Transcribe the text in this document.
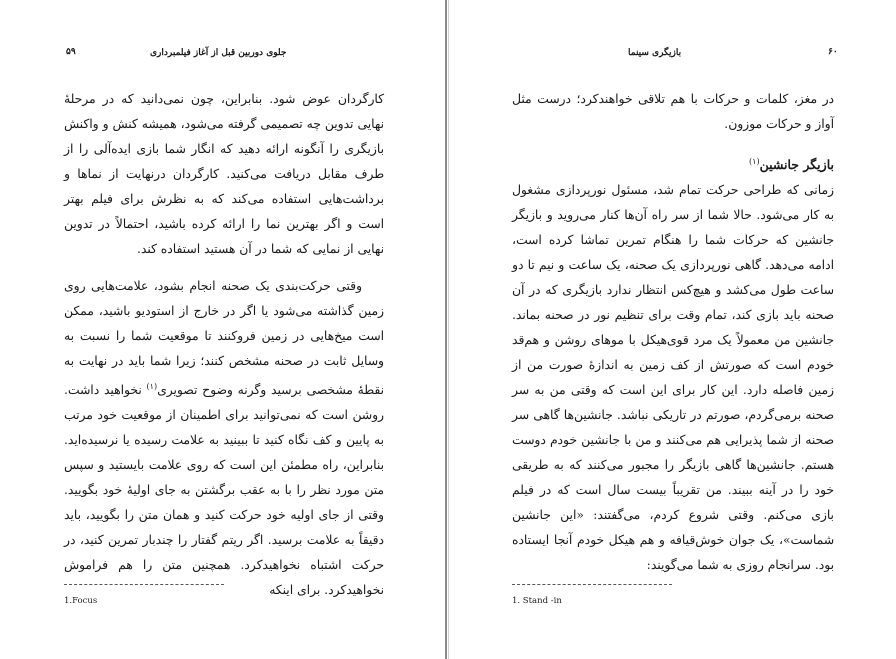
۵۹	جلوی دوربین قبل از آغاز فیلمبرداری

کارگردان عوض شود. بنابراین، چون نمی‌دانید که در مرحلهٔ نهایی تدوین چه تصمیمی گرفته می‌شود، همیشه کنش و واکنش بازیگری را آنگونه ارائه دهید که انگار شما بازی ایده‌آلی را از طرف مقابل دریافت می‌کنید. کارگردان درنهایت از نماها و برداشت‌هایی استفاده می‌کند که به نظرش برای فیلم بهتر است و اگر بهترین نما را ارائه کرده باشید، احتمالاً در تدوین نهایی از نمایی که شما در آن هستید استفاده کند.

وقتی حرکت‌بندی یک صحنه انجام بشود، علامت‌هایی روی زمین گذاشته می‌شود یا اگر در خارج از استودیو باشید، ممکن است میخ‌هایی در زمین فروکنند تا موقعیت شما را نسبت به وسایل ثابت در صحنه مشخص کنند؛ زیرا شما باید در نهایت به نقطهٔ مشخصی برسید وگرنه وضوح تصویری$^{(۱)}$ نخواهید داشت. روشن است که نمی‌توانید برای اطمینان از موقعیت خود مرتب به پایین و کف نگاه کنید تا ببینید به علامت رسیده‌ یا نرسیده‌اید. بنابراین، راه مطمئن این است که روی علامت بایستید و سپس متن مورد نظر را با به عقب برگشتن به جای اولیهٔ خود بگویید. وقتی از جای اولیه خود حرکت کنید و همان متن را بگویید، باید دقیقاً به علامت برسید. اگر ریتم گفتار را چندبار تمرین کنید، در حرکت اشتباه نخواهیدکرد. همچنین متن را هم فراموش نخواهیدکرد. برای اینکه

1.Focus
۶۰
بازیگری سینما

در مغز، کلمات و حرکات با هم تلاقی خواهندکرد؛ درست مثل آواز و حرکات موزون.

بازیگر جانشین$^{(۱)}$

زمانی که طراحی حرکت تمام شد، مسئول نورپردازی مشغول به کار می‌شود. حالا شما از سر راه آن‌ها کنار می‌روید و بازیگر جانشین که حرکات شما را هنگام تمرین تماشا کرده است، ادامه می‌دهد. گاهی نورپردازی یک صحنه، یک ساعت و نیم تا دو ساعت طول می‌کشد و هیچ‌کس انتظار ندارد بازیگری که در آن صحنه باید بازی کند، تمام وقت برای تنظیم نور در صحنه بماند. جانشین من معمولاً یک مرد قوی‌هیکل با موهای روشن و هم‌قد خودم است که صورتش از کف زمین به اندازهٔ صورت من از زمین فاصله دارد. این کار برای این است که وقتی من به سر صحنه برمی‌گردم، صورتم در تاریکی نباشد. جانشین‌ها گاهی سر صحنه از شما پذیرایی هم می‌کنند و من با جانشین خودم دوست هستم. جانشین‌ها گاهی بازیگر را مجبور می‌کنند که به طریقی خود را در آینه ببیند. من تقریباً بیست سال است که در فیلم بازی می‌کنم. وقتی شروع کردم، می‌گفتند: «این جانشین شماست»، یک جوان خوش‌قیافه و هم هیکل خودم آنجا ایستاده بود. سرانجام روزی به شما می‌گویند:

1. Stand -in
